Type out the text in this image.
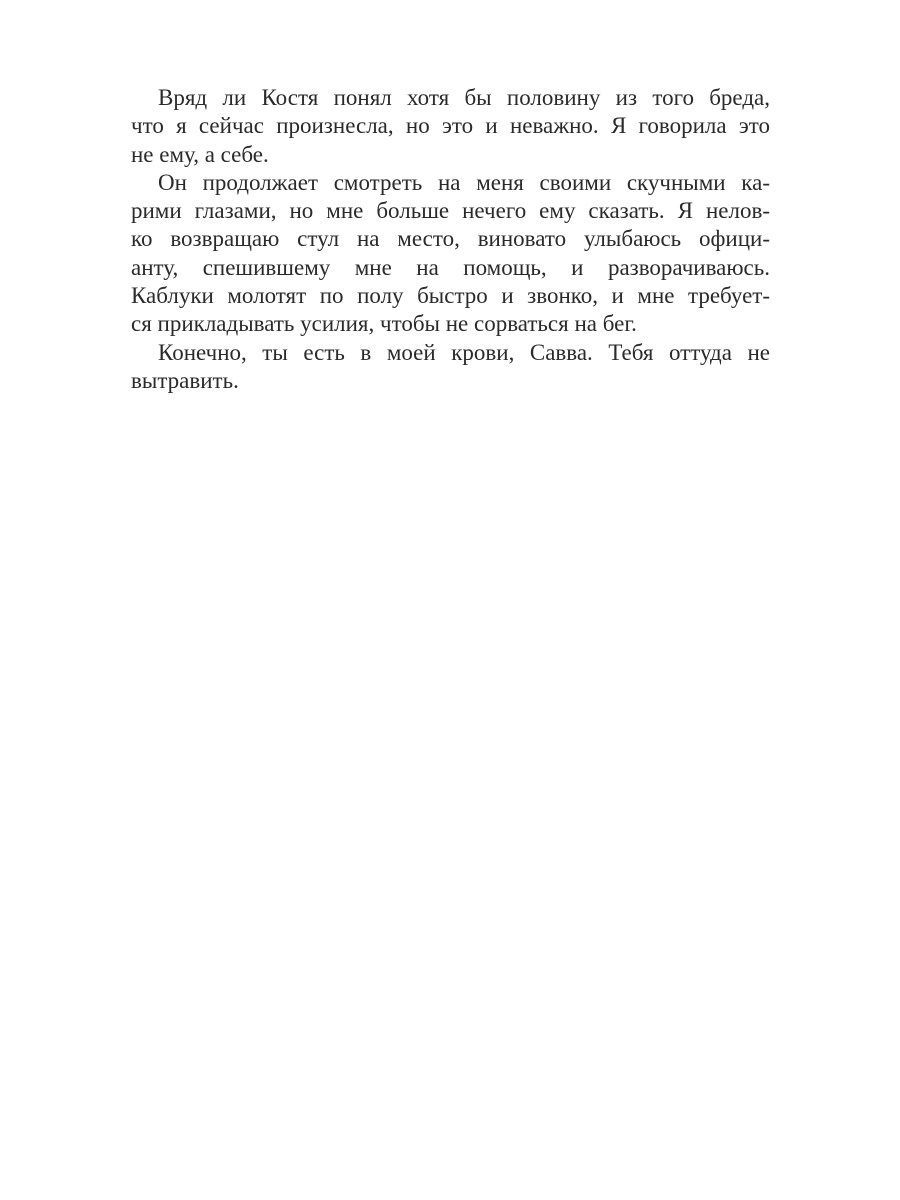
Вряд ли Костя понял хотя бы половину из того бреда,
что я сейчас произнесла, но это и неважно. Я говорила это
не ему, а себе.
Он продолжает смотреть на меня своими скучными ка-
рими глазами, но мне больше нечего ему сказать. Я нелов-
ко возвращаю стул на место, виновато улыбаюсь офици-
анту, спешившему мне на помощь, и разворачиваюсь.
Каблуки молотят по полу быстро и звонко, и мне требует-
ся прикладывать усилия, чтобы не сорваться на бег.
Конечно, ты есть в моей крови, Савва. Тебя оттуда не
вытравить.
